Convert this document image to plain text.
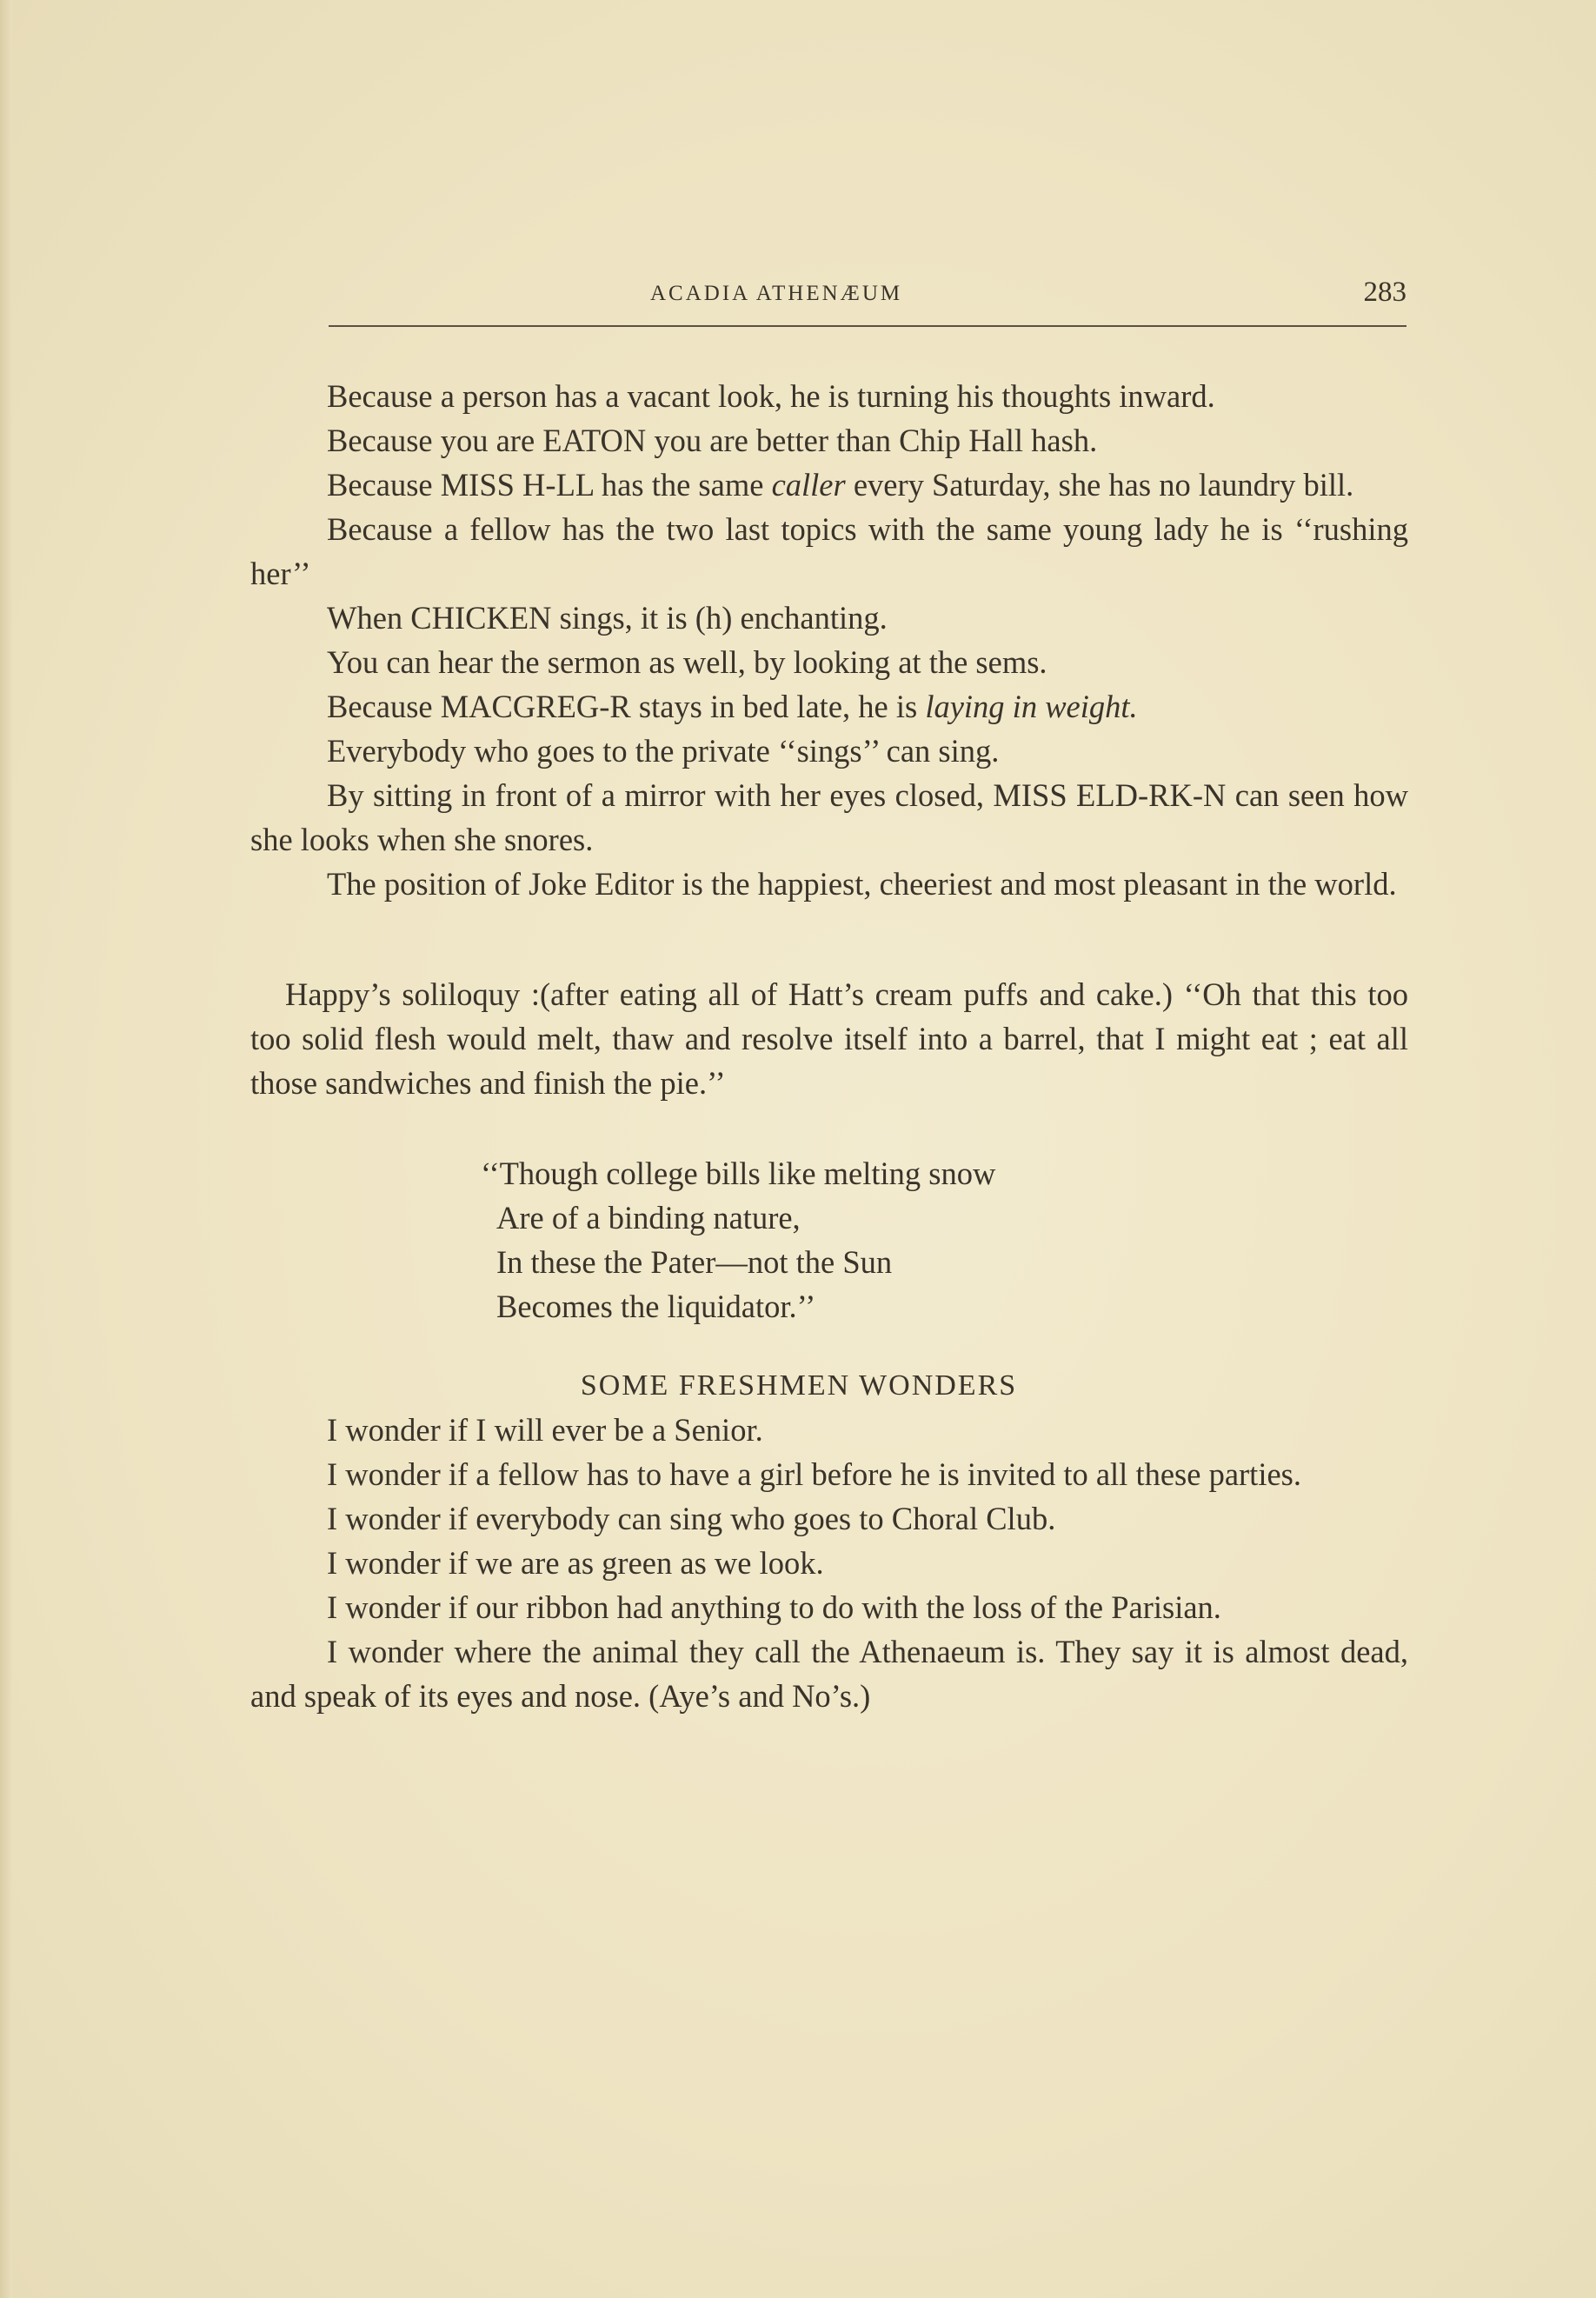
ACADIA ATHENÆUM	283

Because a person has a vacant look, he is turning his thoughts inward.

Because you are EATON you are better than Chip Hall hash.

Because MISS H-LL has the same caller every Saturday, she has no laundry bill.

Because a fellow has the two last topics with the same young lady he is ‘‘rushing her’’

When CHICKEN sings, it is (h) enchanting.

You can hear the sermon as well, by looking at the sems.

Because MACGREG-R stays in bed late, he is laying in weight.

Everybody who goes to the private ‘‘sings’’ can sing.

By sitting in front of a mirror with her eyes closed, MISS ELD-RK-N can seen how she looks when she snores.

The position of Joke Editor is the happiest, cheeriest and most pleasant in the world.

Happy’s soliloquy :(after eating all of Hatt’s cream puffs and cake.) ‘‘Oh that this too too solid flesh would melt, thaw and resolve itself into a barrel, that I might eat ; eat all those sandwiches and finish the pie.’’

‘‘Though college bills like melting snow
Are of a binding nature,
In these the Pater—not the Sun
Becomes the liquidator.’’

SOME FRESHMEN WONDERS

I wonder if I will ever be a Senior.

I wonder if a fellow has to have a girl before he is invited to all these parties.

I wonder if everybody can sing who goes to Choral Club.

I wonder if we are as green as we look.

I wonder if our ribbon had anything to do with the loss of the Parisian.

I wonder where the animal they call the Athenaeum is. They say it is almost dead, and speak of its eyes and nose. (Aye’s and No’s.)
